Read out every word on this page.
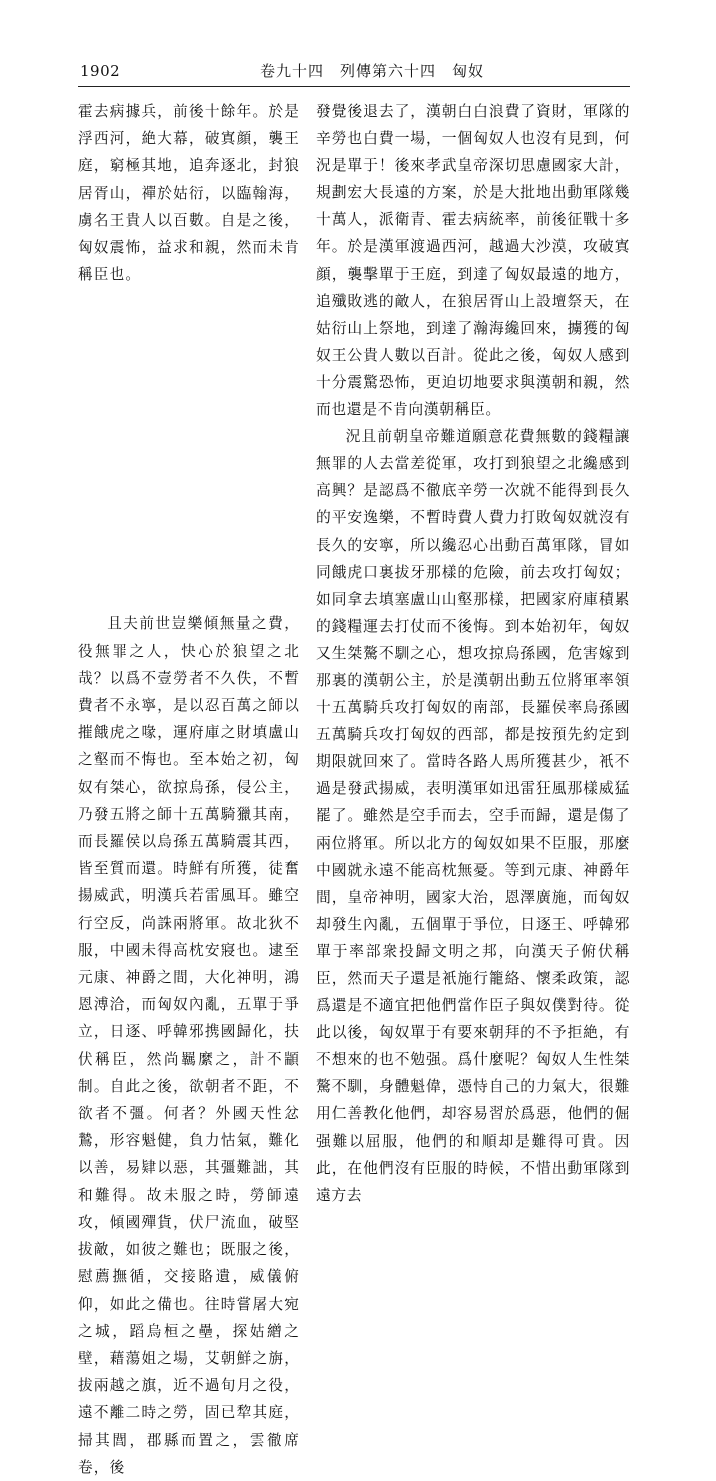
1902	卷九十四　列傳第六十四　匈奴

霍去病據兵，前後十餘年。於是浮西河，絶大幕，破寘顔，襲王庭，窮極其地，追奔逐北，封狼居胥山，禪於姑衍，以臨翰海，虜名王貴人以百數。自是之後，匈奴震怖，益求和親，然而未肯稱臣也。

且夫前世豈樂傾無量之費，役無罪之人，快心於狼望之北哉？以爲不壹勞者不久佚，不暫費者不永寧，是以忍百萬之師以摧餓虎之喙，運府庫之財填盧山之壑而不悔也。至本始之初，匈奴有桀心，欲掠烏孫，侵公主，乃發五將之師十五萬騎獵其南，而長羅侯以烏孫五萬騎震其西，皆至質而還。時鮮有所獲，徒奮揚威武，明漢兵若雷風耳。雖空行空反，尚誅兩將軍。故北狄不服，中國未得高枕安寢也。逮至元康、神爵之間，大化神明，鴻恩溥洽，而匈奴內亂，五單于爭立，日逐、呼韓邪携國歸化，扶伏稱臣，然尚羈縻之，計不顓制。自此之後，欲朝者不距，不欲者不彊。何者？外國天性忿鷙，形容魁健，負力怙氣，難化以善，易肄以惡，其彊難詘，其和難得。故未服之時，勞師遠攻，傾國殫貨，伏尸流血，破堅拔敵，如彼之難也；既服之後，慰薦撫循，交接賂遺，威儀俯仰，如此之備也。往時嘗屠大宛之城，蹈烏桓之壘，探姑繒之壁，藉蕩姐之場，艾朝鮮之旃，拔兩越之旗，近不過旬月之役，遠不離二時之勞，固已犂其庭，掃其閭，郡縣而置之，雲徹席卷，後

發覺後退去了，漢朝白白浪費了資財，軍隊的辛勞也白費一場，一個匈奴人也沒有見到，何況是單于！後來孝武皇帝深切思慮國家大計，規劃宏大長遠的方案，於是大批地出動軍隊幾十萬人，派衛青、霍去病統率，前後征戰十多年。於是漢軍渡過西河，越過大沙漠，攻破寘顔，襲擊單于王庭，到達了匈奴最遠的地方，追殲敗逃的敵人，在狼居胥山上設壇祭天，在姑衍山上祭地，到達了瀚海纔回來，擄獲的匈奴王公貴人數以百計。從此之後，匈奴人感到十分震驚恐怖，更迫切地要求與漢朝和親，然而也還是不肯向漢朝稱臣。

況且前朝皇帝難道願意花費無數的錢糧讓無罪的人去當差從軍，攻打到狼望之北纔感到高興？是認爲不徹底辛勞一次就不能得到長久的平安逸樂，不暫時費人費力打敗匈奴就沒有長久的安寧，所以纔忍心出動百萬軍隊，冒如同餓虎口裏拔牙那樣的危險，前去攻打匈奴；如同拿去填塞盧山山壑那樣，把國家府庫積累的錢糧運去打仗而不後悔。到本始初年，匈奴又生桀驁不馴之心，想攻掠烏孫國，危害嫁到那裏的漢朝公主，於是漢朝出動五位將軍率領十五萬騎兵攻打匈奴的南部，長羅侯率烏孫國五萬騎兵攻打匈奴的西部，都是按預先約定到期限就回來了。當時各路人馬所獲甚少，衹不過是發武揚威，表明漢軍如迅雷狂風那樣威猛罷了。雖然是空手而去，空手而歸，還是傷了兩位將軍。所以北方的匈奴如果不臣服，那麼中國就永遠不能高枕無憂。等到元康、神爵年間，皇帝神明，國家大治，恩澤廣施，而匈奴却發生內亂，五個單于爭位，日逐王、呼韓邪單于率部衆投歸文明之邦，向漢天子俯伏稱臣，然而天子還是衹施行籠絡、懷柔政策，認爲還是不適宜把他們當作臣子與奴僕對待。從此以後，匈奴單于有要來朝拜的不予拒絶，有不想來的也不勉强。爲什麼呢？匈奴人生性桀驁不馴，身體魁偉，憑恃自己的力氣大，很難用仁善教化他們，却容易習於爲惡，他們的倔强難以屈服，他們的和順却是難得可貴。因此，在他們沒有臣服的時候，不惜出動軍隊到遠方去
